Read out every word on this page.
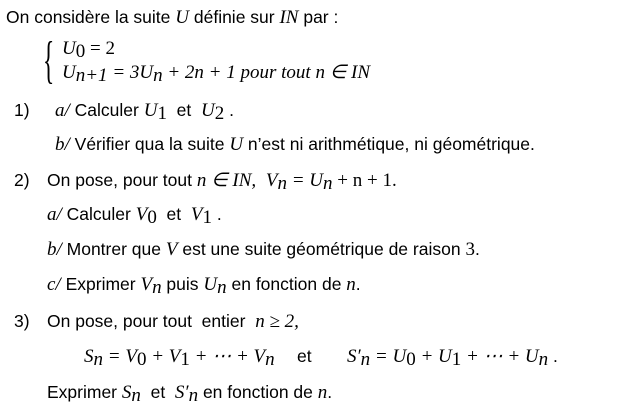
On considère la suite U définie sur IN par :
{ $U_0 = 2$
$U_{n+1} = 3U_n + 2n + 1$ pour tout n ∈ IN
1) a/ Calculer $U_1$  et  $U_2$ .
b/ Vérifier qua la suite U n’est ni arithmétique, ni géométrique.
2) On pose, pour tout n ∈ IN, $V_n = U_n + n + 1$.
a/ Calculer $V_0$  et  $V_1$ .
b/ Montrer que V est une suite géométrique de raison 3.
c/ Exprimer $V_n$ puis $U_n$ en fonction de n.
3) On pose, pour tout  entier  n ≥ 2,
$S_n = V_0 + V_1$ + ⋯ + $V_n$ et $S'_n = U_0 + U_1$ + ⋯ + $U_n$ .
Exprimer $S_n$  et  $S'_n$ en fonction de n.
